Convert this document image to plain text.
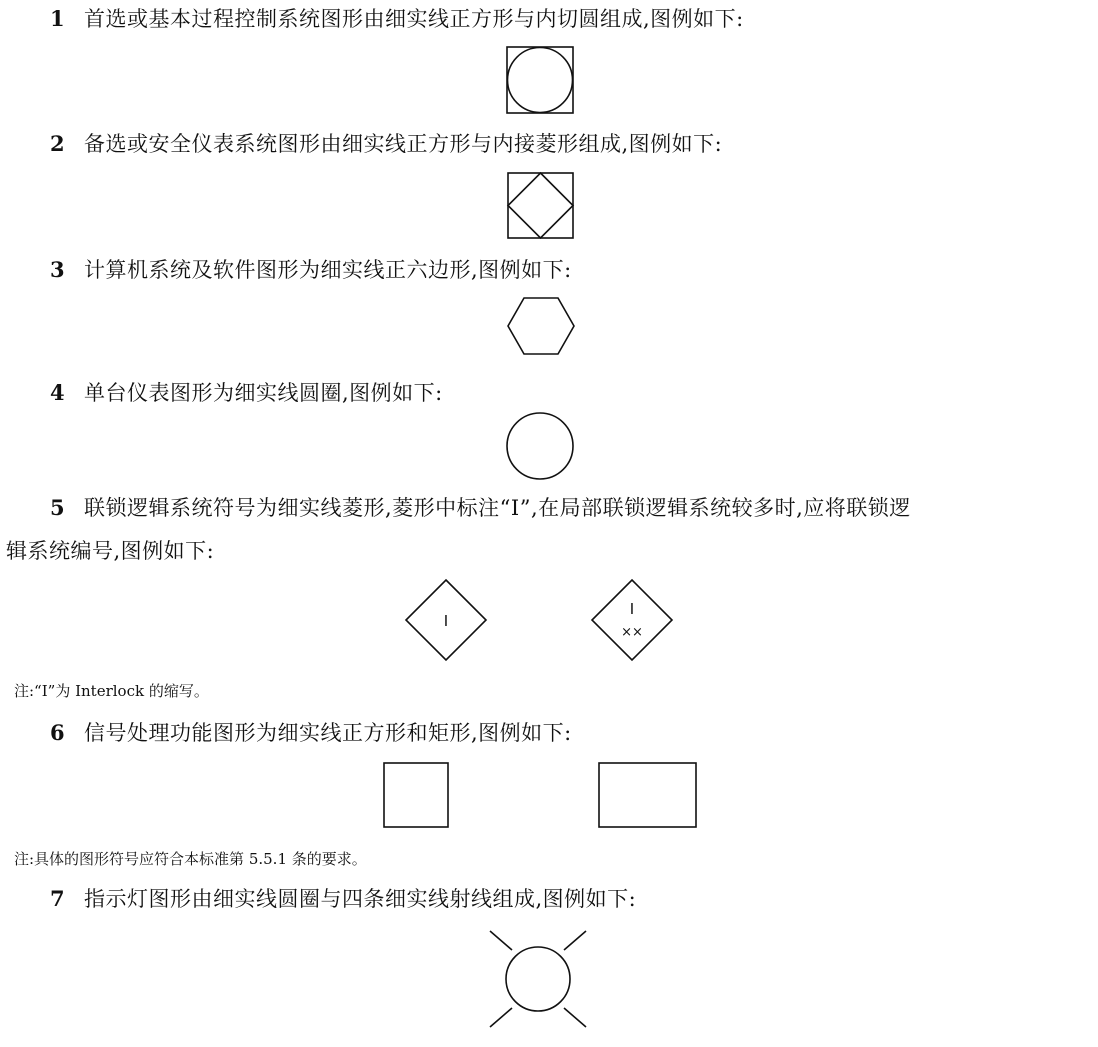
1 首选或基本过程控制系统图形由细实线正方形与内切圆组成,图例如下:
2 备选或安全仪表系统图形由细实线正方形与内接菱形组成,图例如下:
3 计算机系统及软件图形为细实线正六边形,图例如下:
4 单台仪表图形为细实线圆圈,图例如下:
5 联锁逻辑系统符号为细实线菱形,菱形中标注“I”,在局部联锁逻辑系统较多时,应将联锁逻
辑系统编号,图例如下:
I
I
××
注:“I”为 Interlock 的缩写。
6 信号处理功能图形为细实线正方形和矩形,图例如下:
注:具体的图形符号应符合本标准第 5.5.1 条的要求。
7 指示灯图形由细实线圆圈与四条细实线射线组成,图例如下:
